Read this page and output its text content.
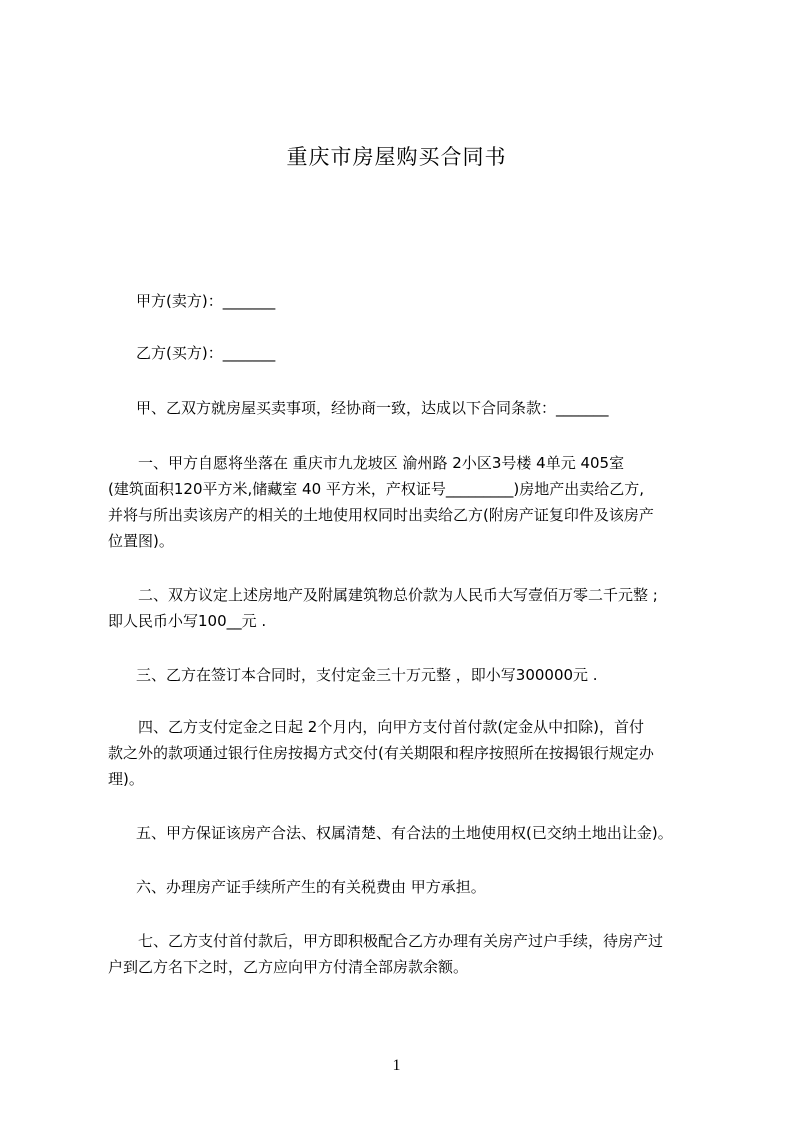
重庆市房屋购买合同书
甲方(卖方)：_______
乙方(买方)：_______
甲、乙双方就房屋买卖事项，经协商一致，达成以下合同条款：_______
一、甲方自愿将坐落在 重庆市九龙坡区 渝州路 2小区3号楼 4单元 405室
(建筑面积120平方米,储藏室 40 平方米，产权证号_________)房地产出卖给乙方,
并将与所出卖该房产的相关的土地使用权同时出卖给乙方(附房产证复印件及该房产
位置图)。
二、双方议定上述房地产及附属建筑物总价款为人民币大写壹佰万零二千元整 ;
即人民币小写100__元 .
三、乙方在签订本合同时，支付定金三十万元整 ，即小写300000元 .
四、乙方支付定金之日起 2个月内，向甲方支付首付款(定金从中扣除)，首付
款之外的款项通过银行住房按揭方式交付(有关期限和程序按照所在按揭银行规定办
理)。
五、甲方保证该房产合法、权属清楚、有合法的土地使用权(已交纳土地出让金)。
六、办理房产证手续所产生的有关税费由 甲方承担。
七、乙方支付首付款后，甲方即积极配合乙方办理有关房产过户手续，待房产过
户到乙方名下之时，乙方应向甲方付清全部房款余额。
1
